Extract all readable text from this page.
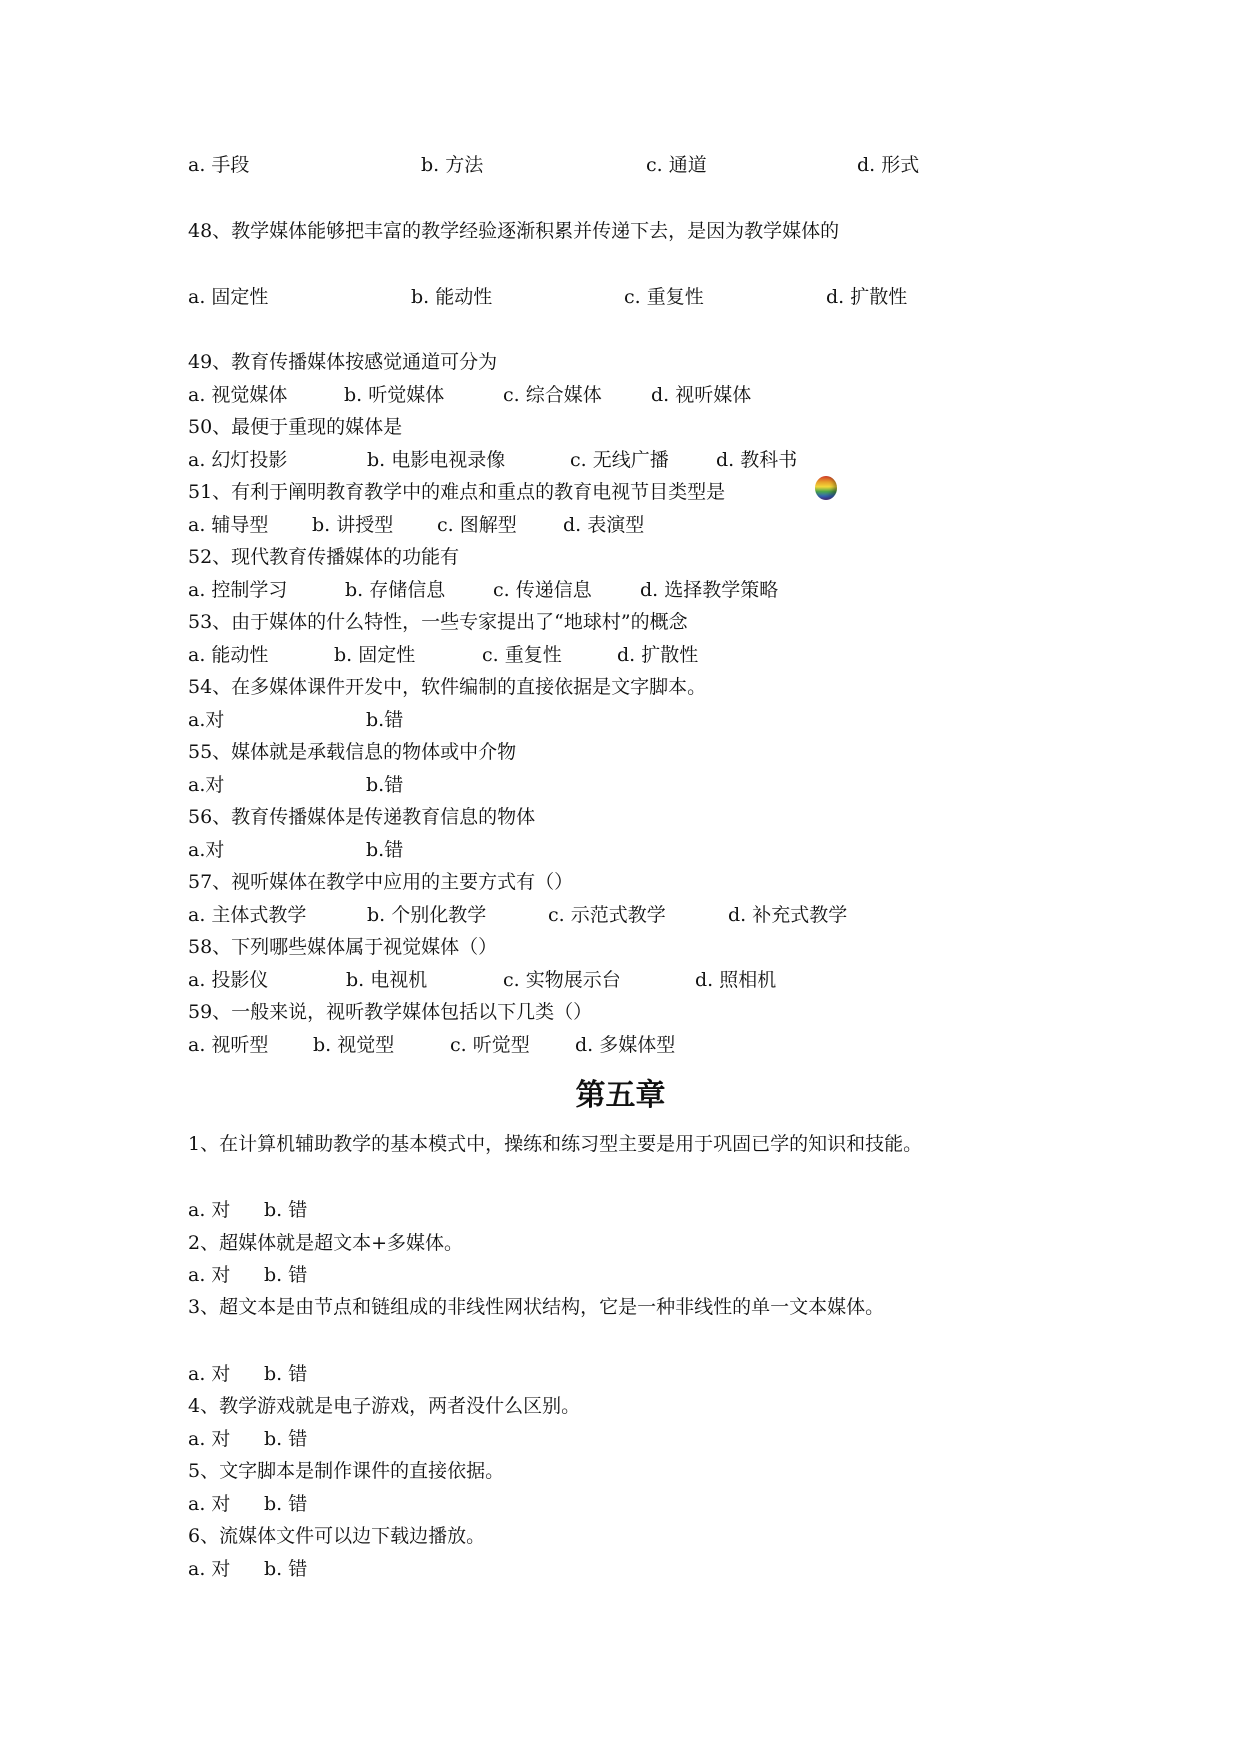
a. 手段	b. 方法	c. 通道	d. 形式
48、教学媒体能够把丰富的教学经验逐渐积累并传递下去，是因为教学媒体的
a. 固定性	b. 能动性	c. 重复性	d. 扩散性
49、教育传播媒体按感觉通道可分为
a. 视觉媒体	b. 听觉媒体	c. 综合媒体	d. 视听媒体
50、最便于重现的媒体是
a. 幻灯投影	b. 电影电视录像	c. 无线广播 d. 教科书
51、有利于阐明教育教学中的难点和重点的教育电视节目类型是
a. 辅导型 b. 讲授型 c. 图解型 d. 表演型
52、现代教育传播媒体的功能有
a. 控制学习	b. 存储信息	c. 传递信息	d. 选择教学策略
53、由于媒体的什么特性，一些专家提出了“地球村”的概念
a. 能动性	b. 固定性	c. 重复性	d. 扩散性
54、在多媒体课件开发中，软件编制的直接依据是文字脚本。
a.对	b.错
55、媒体就是承载信息的物体或中介物
a.对	b.错
56、教育传播媒体是传递教育信息的物体
a.对	b.错
57、视听媒体在教学中应用的主要方式有（）
a. 主体式教学	b. 个别化教学	c. 示范式教学	d. 补充式教学
58、下列哪些媒体属于视觉媒体（）
a. 投影仪	b. 电视机	c. 实物展示台	d. 照相机
59、一般来说，视听教学媒体包括以下几类（）
a. 视听型 b. 视觉型	c. 听觉型 d. 多媒体型
第五章
1、在计算机辅助教学的基本模式中，操练和练习型主要是用于巩固已学的知识和技能。
a. 对 b. 错
2、超媒体就是超文本+多媒体。
a. 对 b. 错
3、超文本是由节点和链组成的非线性网状结构，它是一种非线性的单一文本媒体。
a. 对 b. 错
4、教学游戏就是电子游戏，两者没什么区别。
a. 对 b. 错
5、文字脚本是制作课件的直接依据。
a. 对 b. 错
6、流媒体文件可以边下载边播放。
a. 对 b. 错
